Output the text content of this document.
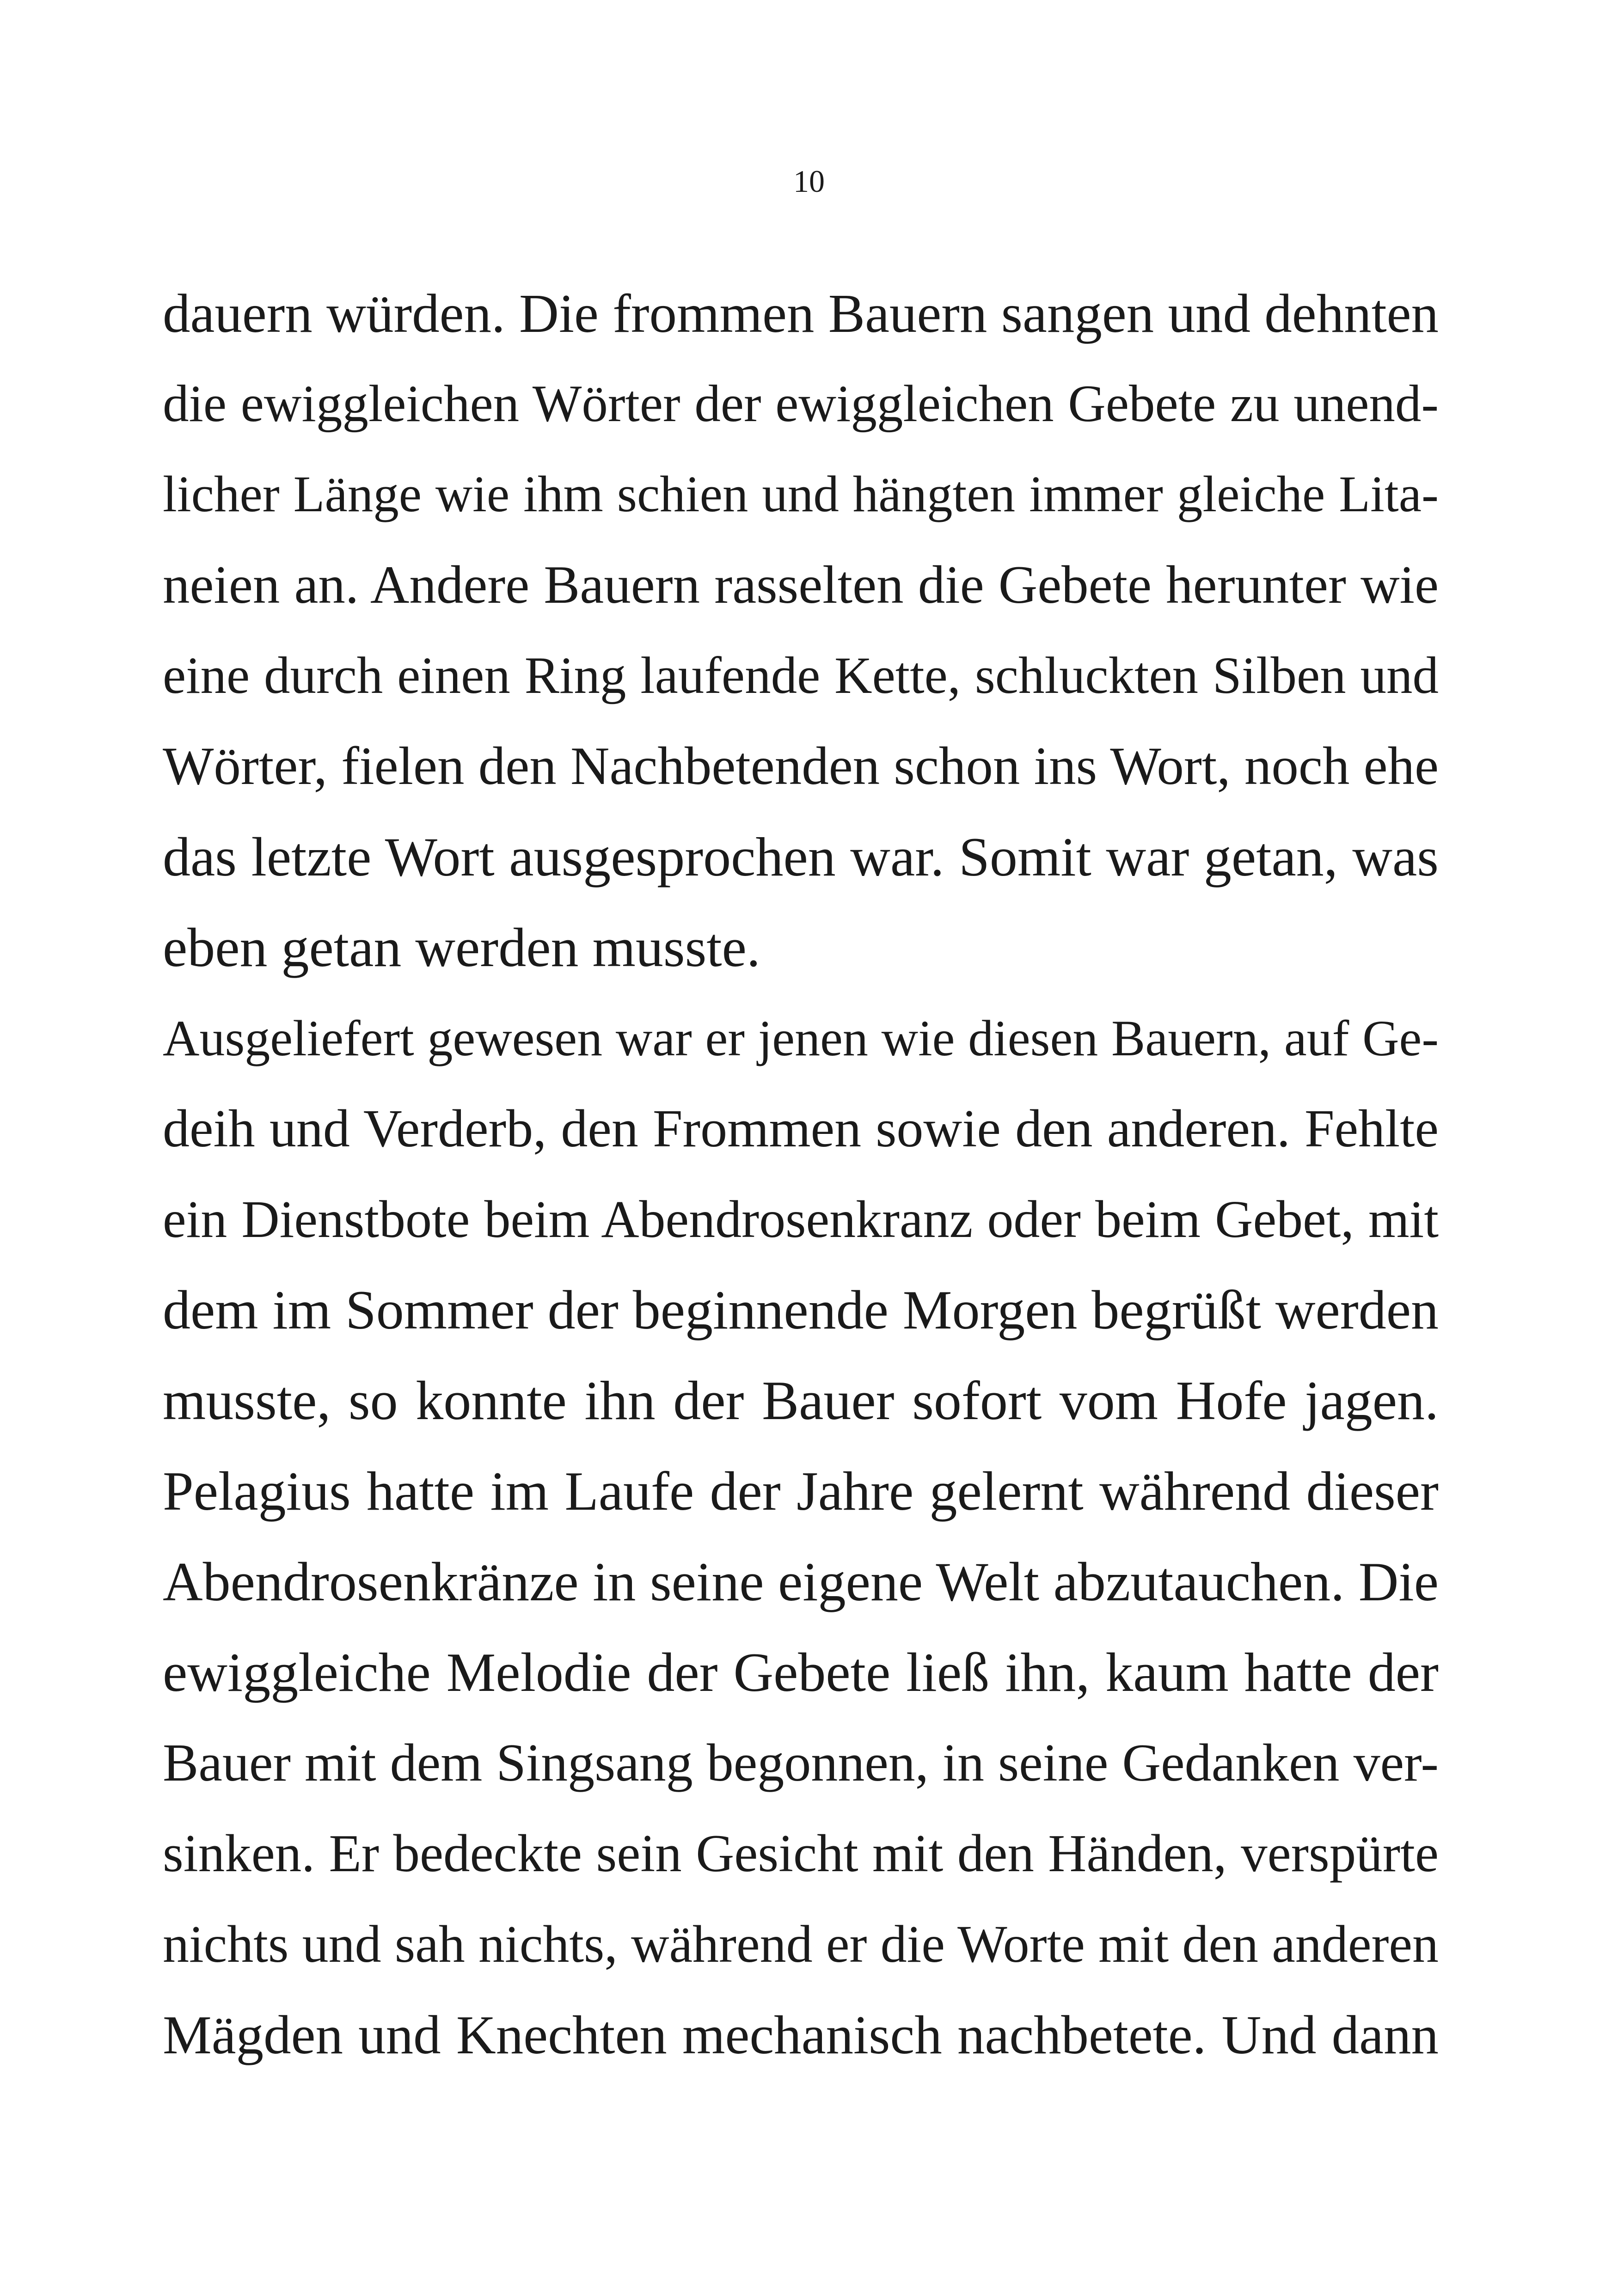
10
dauern würden. Die frommen Bauern sangen und dehnten
die ewiggleichen Wörter der ewiggleichen Gebete zu unend-
licher Länge wie ihm schien und hängten immer gleiche Lita-
neien an. Andere Bauern rasselten die Gebete herunter wie
eine durch einen Ring laufende Kette, schluckten Silben und
Wörter, fielen den Nachbetenden schon ins Wort, noch ehe
das letzte Wort ausgesprochen war. Somit war getan, was
eben getan werden musste.
Ausgeliefert gewesen war er jenen wie diesen Bauern, auf Ge-
deih und Verderb, den Frommen sowie den anderen. Fehlte
ein Dienstbote beim Abendrosenkranz oder beim Gebet, mit
dem im Sommer der beginnende Morgen begrüßt werden
musste, so konnte ihn der Bauer sofort vom Hofe jagen.
Pelagius hatte im Laufe der Jahre gelernt während dieser
Abendrosenkränze in seine eigene Welt abzutauchen. Die
ewiggleiche Melodie der Gebete ließ ihn, kaum hatte der
Bauer mit dem Singsang begonnen, in seine Gedanken ver-
sinken. Er bedeckte sein Gesicht mit den Händen, verspürte
nichts und sah nichts, während er die Worte mit den anderen
Mägden und Knechten mechanisch nachbetete. Und dann
